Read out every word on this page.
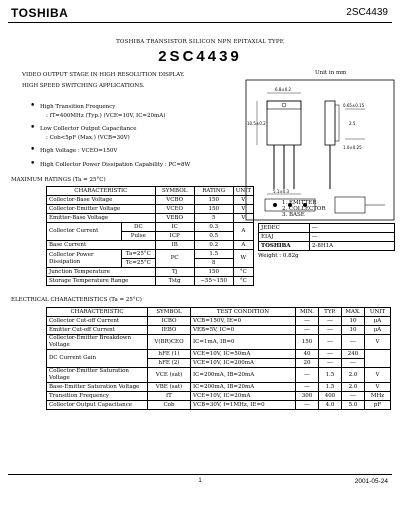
TOSHIBA	2SC4439
TOSHIBA TRANSISTOR SILICON NPN EPITAXIAL TYPE
2SC4439
VIDEO OUTPUT STAGE IN HIGH RESOLUTION DISPLAY.
HIGH SPEED SWITCHING APPLICATIONS.
Unit in mm
• High Transition Frequency
: fT=400MHz (Typ.) (VCE=10V, IC=20mA)
• Low Collector Output Capacitance
: Cob<5pF (Max.) (VCB=30V)
• High Voltage : VCEO=150V
• High Collector Power Dissipation Capability : PC=8W
6.8±0.2
10.5±0.2
0.65±0.15
2.5
1.0±0.25
5.1±0.3
1. EMITTER
2. COLLECTOR
3. BASE
JEDEC	―
EIAJ	―
TOSHIBA	2-8H1A
Weight : 0.82g
MAXIMUM RATINGS (Ta = 25°C)
CHARACTERISTIC		SYMBOL	RATING	UNIT
Collector-Base Voltage		VCBO	150	V
Collector-Emitter Voltage		VCEO	150	V
Emitter-Base Voltage		VEBO	5	V
Collector Current	DC	IC	0.3	A
	Pulse	ICP	0.5	
Base Current		IB	0.2	A
Collector Power Dissipation	Ta=25°C	PC	1.5	W
	Tc=25°C		8	
Junction Temperature		Tj	150	°C
Storage Temperature Range		Tstg	−55~150	°C
ELECTRICAL CHARACTERISTICS (Ta = 25°C)
CHARACTERISTIC	SYMBOL	TEST CONDITION	MIN.	TYP.	MAX.	UNIT
Collector Cut-off Current	ICBO	VCB=150V, IE=0	―	―	10	μA
Emitter Cut-off Current	IEBO	VEB=5V, IC=0	―	―	10	μA
Collector-Emitter Breakdown Voltage	V(BR)CEO	IC=1mA, IB=0	150	―	―	V
DC Current Gain	hFE (1)	VCE=10V, IC=50mA	40	―	240	
	hFE (2)	VCE=10V, IC=200mA	20	―	―	
Collector-Emitter Saturation Voltage	VCE (sat)	IC=200mA, IB=20mA	―	1.5	2.0	V
Base-Emitter Saturation Voltage	VBE (sat)	IC=200mA, IB=20mA	―	1.5	2.0	V
Transition Frequency	fT	VCE=10V, IC=20mA	300	400	―	MHz
Collector Output Capacitance	Cob	VCB=30V, f=1MHz, IE=0	―	4.0	5.0	pF
1	2001-05-24
